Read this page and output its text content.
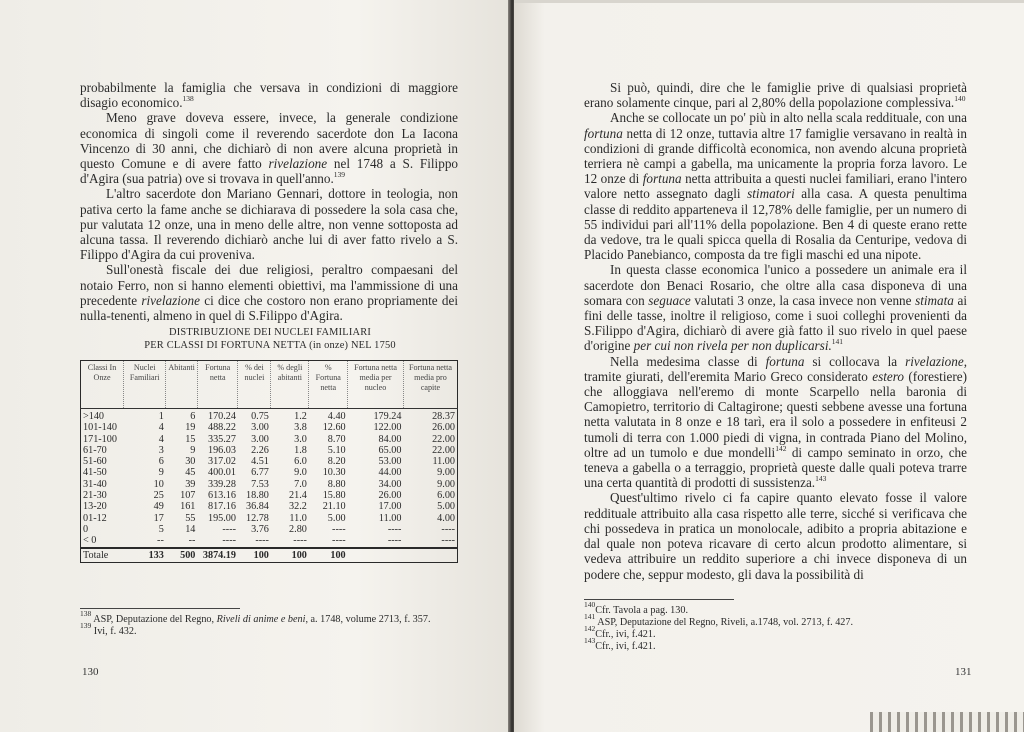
probabilmente la famiglia che versava in condizioni di maggiore disagio economico.$^{138}$

Meno grave doveva essere, invece, la generale condizione economica di singoli come il reverendo sacerdote don La Iacona Vincenzo di 30 anni, che dichiarò di non avere alcuna proprietà in questo Comune e di avere fatto rivelazione nel 1748 a S. Filippo d'Agira (sua patria) ove si trovava in quell'anno.$^{139}$

L'altro sacerdote don Mariano Gennari, dottore in teologia, non pativa certo la fame anche se dichiarava di possedere la sola casa che, pur valutata 12 onze, una in meno delle altre, non venne sottoposta ad alcuna tassa. Il reverendo dichiarò anche lui di aver fatto rivelo a S. Filippo d'Agira da cui proveniva.

Sull'onestà fiscale dei due religiosi, peraltro compaesani del notaio Ferro, non si hanno elementi obiettivi, ma l'ammissione di una precedente rivelazione ci dice che costoro non erano propriamente dei nulla-tenenti, almeno in quel di S.Filippo d'Agira.

DISTRIBUZIONE DEI NUCLEI FAMILIARI
PER CLASSI DI FORTUNA NETTA (in onze) NEL 1750
Classi In Onze	Nuclei Familiari	Abitanti	Fortuna netta	% dei nuclei	% degli abitanti	% Fortuna netta	Fortuna netta media per nucleo	Fortuna netta media pro capite
>140	1	6	170.24	0.75	1.2	4.40	179.24	28.37
101-140	4	19	488.22	3.00	3.8	12.60	122.00	26.00
171-100	4	15	335.27	3.00	3.0	8.70	84.00	22.00
61-70	3	9	196.03	2.26	1.8	5.10	65.00	22.00
51-60	6	30	317.02	4.51	6.0	8.20	53.00	11.00
41-50	9	45	400.01	6.77	9.0	10.30	44.00	9.00
31-40	10	39	339.28	7.53	7.0	8.80	34.00	9.00
21-30	25	107	613.16	18.80	21.4	15.80	26.00	6.00
13-20	49	161	817.16	36.84	32.2	21.10	17.00	5.00
01-12	17	55	195.00	12.78	11.0	5.00	11.00	4.00
0	5	14	----	3.76	2.80	----	----	----
< 0	--	--	----	----	----	----	----	----
Totale	133	500	3874.19	100	100	100		
$^{138}$ ASP, Deputazione del Regno, Riveli di anime e beni, a. 1748, volume 2713, f. 357.
$^{139}$ Ivi, f. 432.
130

Si può, quindi, dire che le famiglie prive di qualsiasi proprietà erano solamente cinque, pari al 2,80% della popolazione complessiva.$^{140}$

Anche se collocate un po' più in alto nella scala reddituale, con una fortuna netta di 12 onze, tuttavia altre 17 famiglie versavano in realtà in condizioni di grande difficoltà economica, non avendo alcuna proprietà terriera nè campi a gabella, ma unicamente la propria forza lavoro. Le 12 onze di fortuna netta attribuita a questi nuclei familiari, erano l'intero valore netto assegnato dagli stimatori alla casa. A questa penultima classe di reddito apparteneva il 12,78% delle famiglie, per un numero di 55 individui pari all'11% della popolazione. Ben 4 di queste erano rette da vedove, tra le quali spicca quella di Rosalia da Centuripe, vedova di Placido Panebianco, composta da tre figli maschi ed una nipote.

In questa classe economica l'unico a possedere un animale era il sacerdote don Benaci Rosario, che oltre alla casa disponeva di una somara con seguace valutati 3 onze, la casa invece non venne stimata ai fini delle tasse, inoltre il religioso, come i suoi colleghi provenienti da S.Filippo d'Agira, dichiarò di avere già fatto il suo rivelo in quel paese d'origine per cui non rivela per non duplicarsi.$^{141}$

Nella medesima classe di fortuna si collocava la rivelazione, tramite giurati, dell'eremita Mario Greco considerato estero (forestiere) che alloggiava nell'eremo di monte Scarpello nella baronia di Camopietro, territorio di Caltagirone; questi sebbene avesse una fortuna netta valutata in 8 onze e 18 tarì, era il solo a possedere in enfiteusi 2 tumoli di terra con 1.000 piedi di vigna, in contrada Piano del Molino, oltre ad un tumolo e due mondelli$^{142}$ di campo seminato in orzo, che teneva a gabella o a terraggio, proprietà queste dalle quali poteva trarre una certa quantità di prodotti di sussistenza.$^{143}$

Quest'ultimo rivelo ci fa capire quanto elevato fosse il valore reddituale attribuito alla casa rispetto alle terre, sicché si verificava che chi possedeva in pratica un monolocale, adibito a propria abitazione e dal quale non poteva ricavare di certo alcun prodotto alimentare, si vedeva attribuire un reddito superiore a chi invece disponeva di un podere che, seppur modesto, gli dava la possibilità di

$^{140}$Cfr. Tavola a pag. 130.
$^{141}$ ASP, Deputazione del Regno, Riveli, a.1748, vol. 2713, f. 427.
$^{142}$Cfr., ivi, f.421.
$^{143}$Cfr., ivi, f.421.
131
